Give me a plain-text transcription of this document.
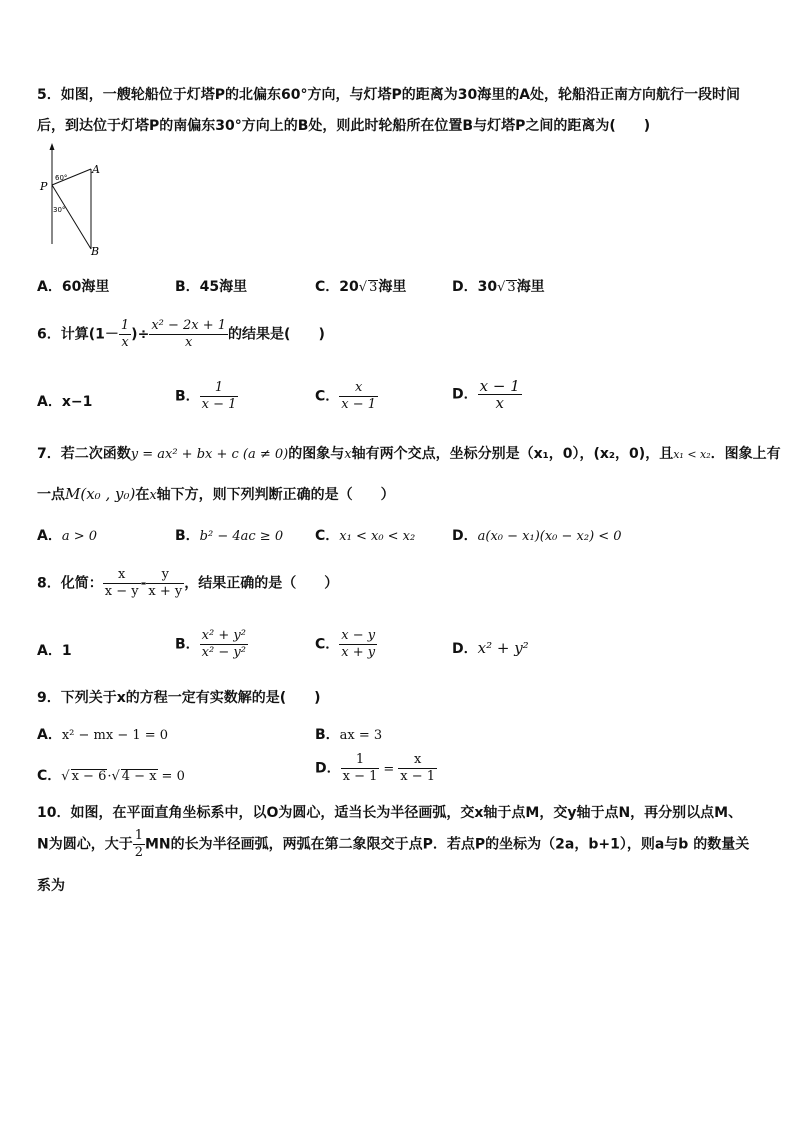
5．如图，一艘轮船位于灯塔P的北偏东60°方向，与灯塔P的距离为30海里的A处，轮船沿正南方向航行一段时间
后，到达位于灯塔P的南偏东30°方向上的B处，则此时轮船所在位置B与灯塔P之间的距离为(　　)
P
A
B
60°
30°
A．60海里	B．45海里	C．20√ 3海里	D．30√ 3海里
6．计算($1- \frac{1}{x}$ )÷ $\frac{\text{x² − 2x + 1}}{x}$ 的结果是(　　)
A．x−1	B． $\frac{1}{x - 1}$	C． $\frac{x}{x - 1}$	D． $\frac{x - 1}{x}$
7．若二次函数y = ax² + bx + c (a ≠ 0)的图象与x轴有两个交点，坐标分别是（x₁，0），(x₂，0)，且x₁ < x₂．图象上有
一点M(x₀ , y₀)在x轴下方，则下列判断正确的是（　　）
A．a > 0	B．b² − 4ac ≥ 0 C．x₁ < x₀ < x₂	D．a(x₀ − x₁)(x₀ − x₂) < 0
8．化简： $\frac{x}{x - y} - \frac{y}{x + y}$ ，结果正确的是（　　）
A．1	B． $\frac{\text{x² + y²}}{\text{x² − y²}}$	C． $\frac{x - y}{x + y}$	D．x² + y²
9．下列关于x的方程一定有实数解的是(　　)
A．x² − mx − 1 = 0	B．ax = 3
C．√ x − 6·√ 4 − x = 0	D． $\frac{1}{x - 1} = \frac{x}{x - 1}$
10．如图，在平面直角坐标系中，以O为圆心，适当长为半径画弧，交x轴于点M，交y轴于点N，再分别以点M、
N为圆心，大于 $\frac{1}{2}$ MN的长为半径画弧，两弧在第二象限交于点P．若点P的坐标为（2a，b+1），则a与b 的数量关
系为
